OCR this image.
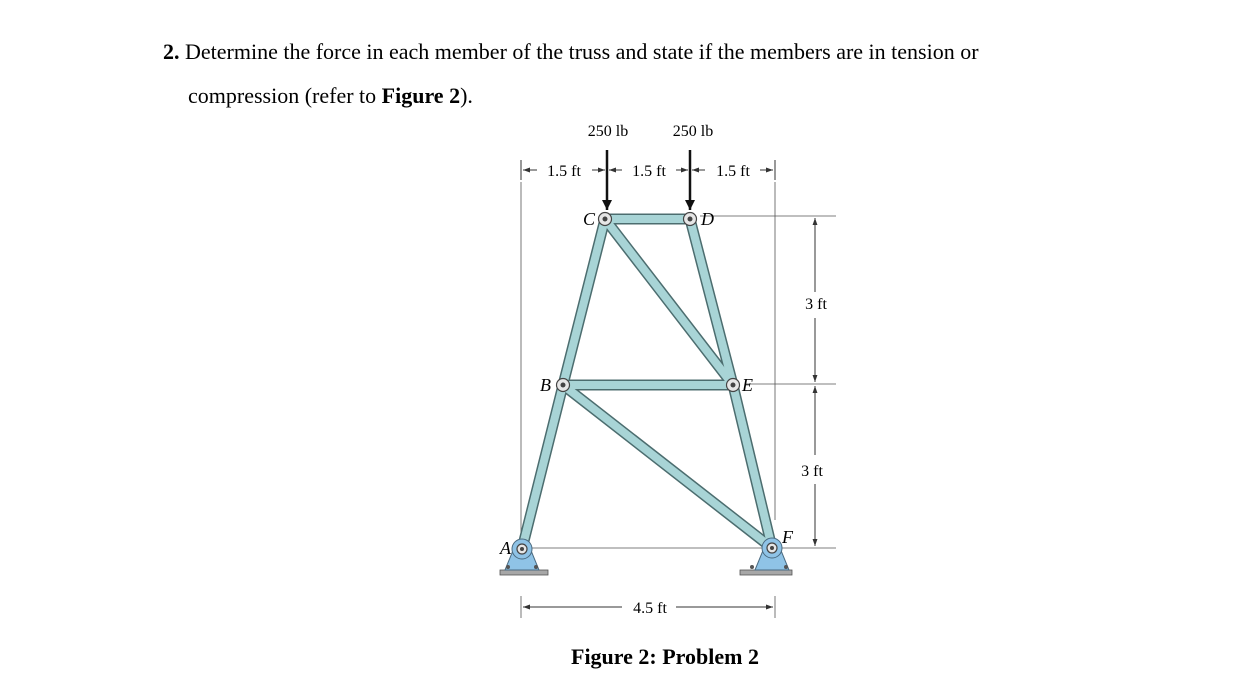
2. Determine the force in each member of the truss and state if the members are in tension or
compression (refer to Figure 2).
250 lb	250 lb
1.5 ft	1.5 ft	1.5 ft
3 ft
3 ft
4.5 ft
A
B
C	D
E
F
Figure 2: Problem 2
